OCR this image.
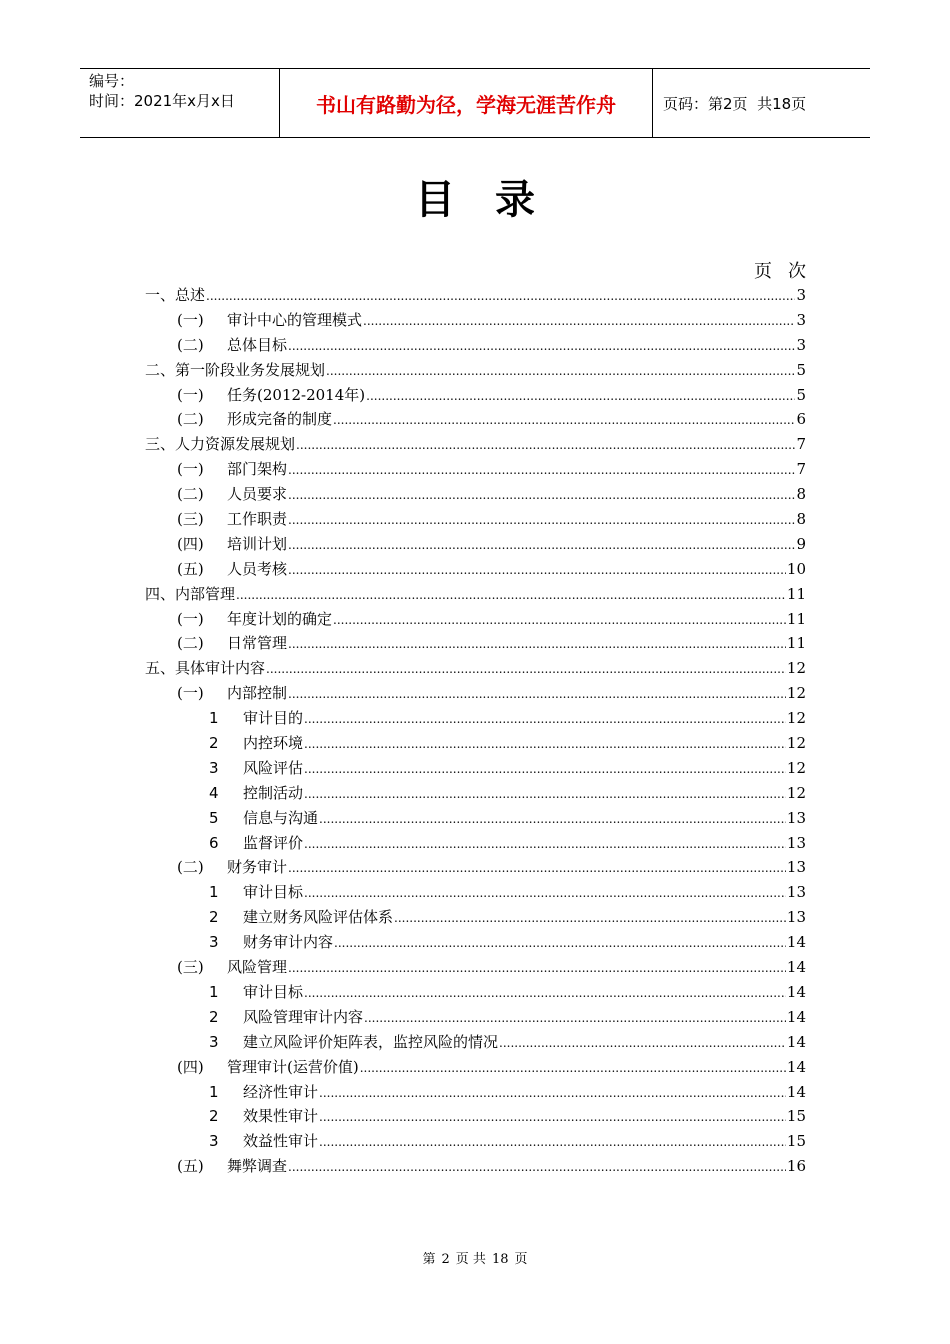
编号：
时间：2021年x月x日	书山有路勤为径，学海无涯苦作舟	页码：第2页  共18页
目录
页次
一、总述 .....	3
(一)	审计中心的管理模式 .....	3
(二)	总体目标 .....	3
二、第一阶段业务发展规划 .....	5
(一)	任务(2012-2014年) .....	5
(二)	形成完备的制度 .....	6
三、人力资源发展规划 .....	7
(一)	部门架构 .....	7
(二)	人员要求 .....	8
(三)	工作职责 .....	8
(四)	培训计划 .....	9
(五)	人员考核 .....	10
四、内部管理 .....	11
(一)	年度计划的确定 .....	11
(二)	日常管理 .....	11
五、具体审计内容 .....	12
(一)	内部控制 .....	12
1	审计目的 .....	12
2	内控环境 .....	12
3	风险评估 .....	12
4	控制活动 .....	12
5	信息与沟通 .....	13
6	监督评价 .....	13
(二)	财务审计 .....	13
1	审计目标 .....	13
2	建立财务风险评估体系 .....	13
3	财务审计内容 .....	14
(三)	风险管理 .....	14
1	审计目标 .....	14
2	风险管理审计内容 .....	14
3	建立风险评价矩阵表，监控风险的情况 .....	14
(四)	管理审计(运营价值) .....	14
1	经济性审计 .....	14
2	效果性审计 .....	15
3	效益性审计 .....	15
(五)	舞弊调查 .....	16
第 2 页 共 18 页
